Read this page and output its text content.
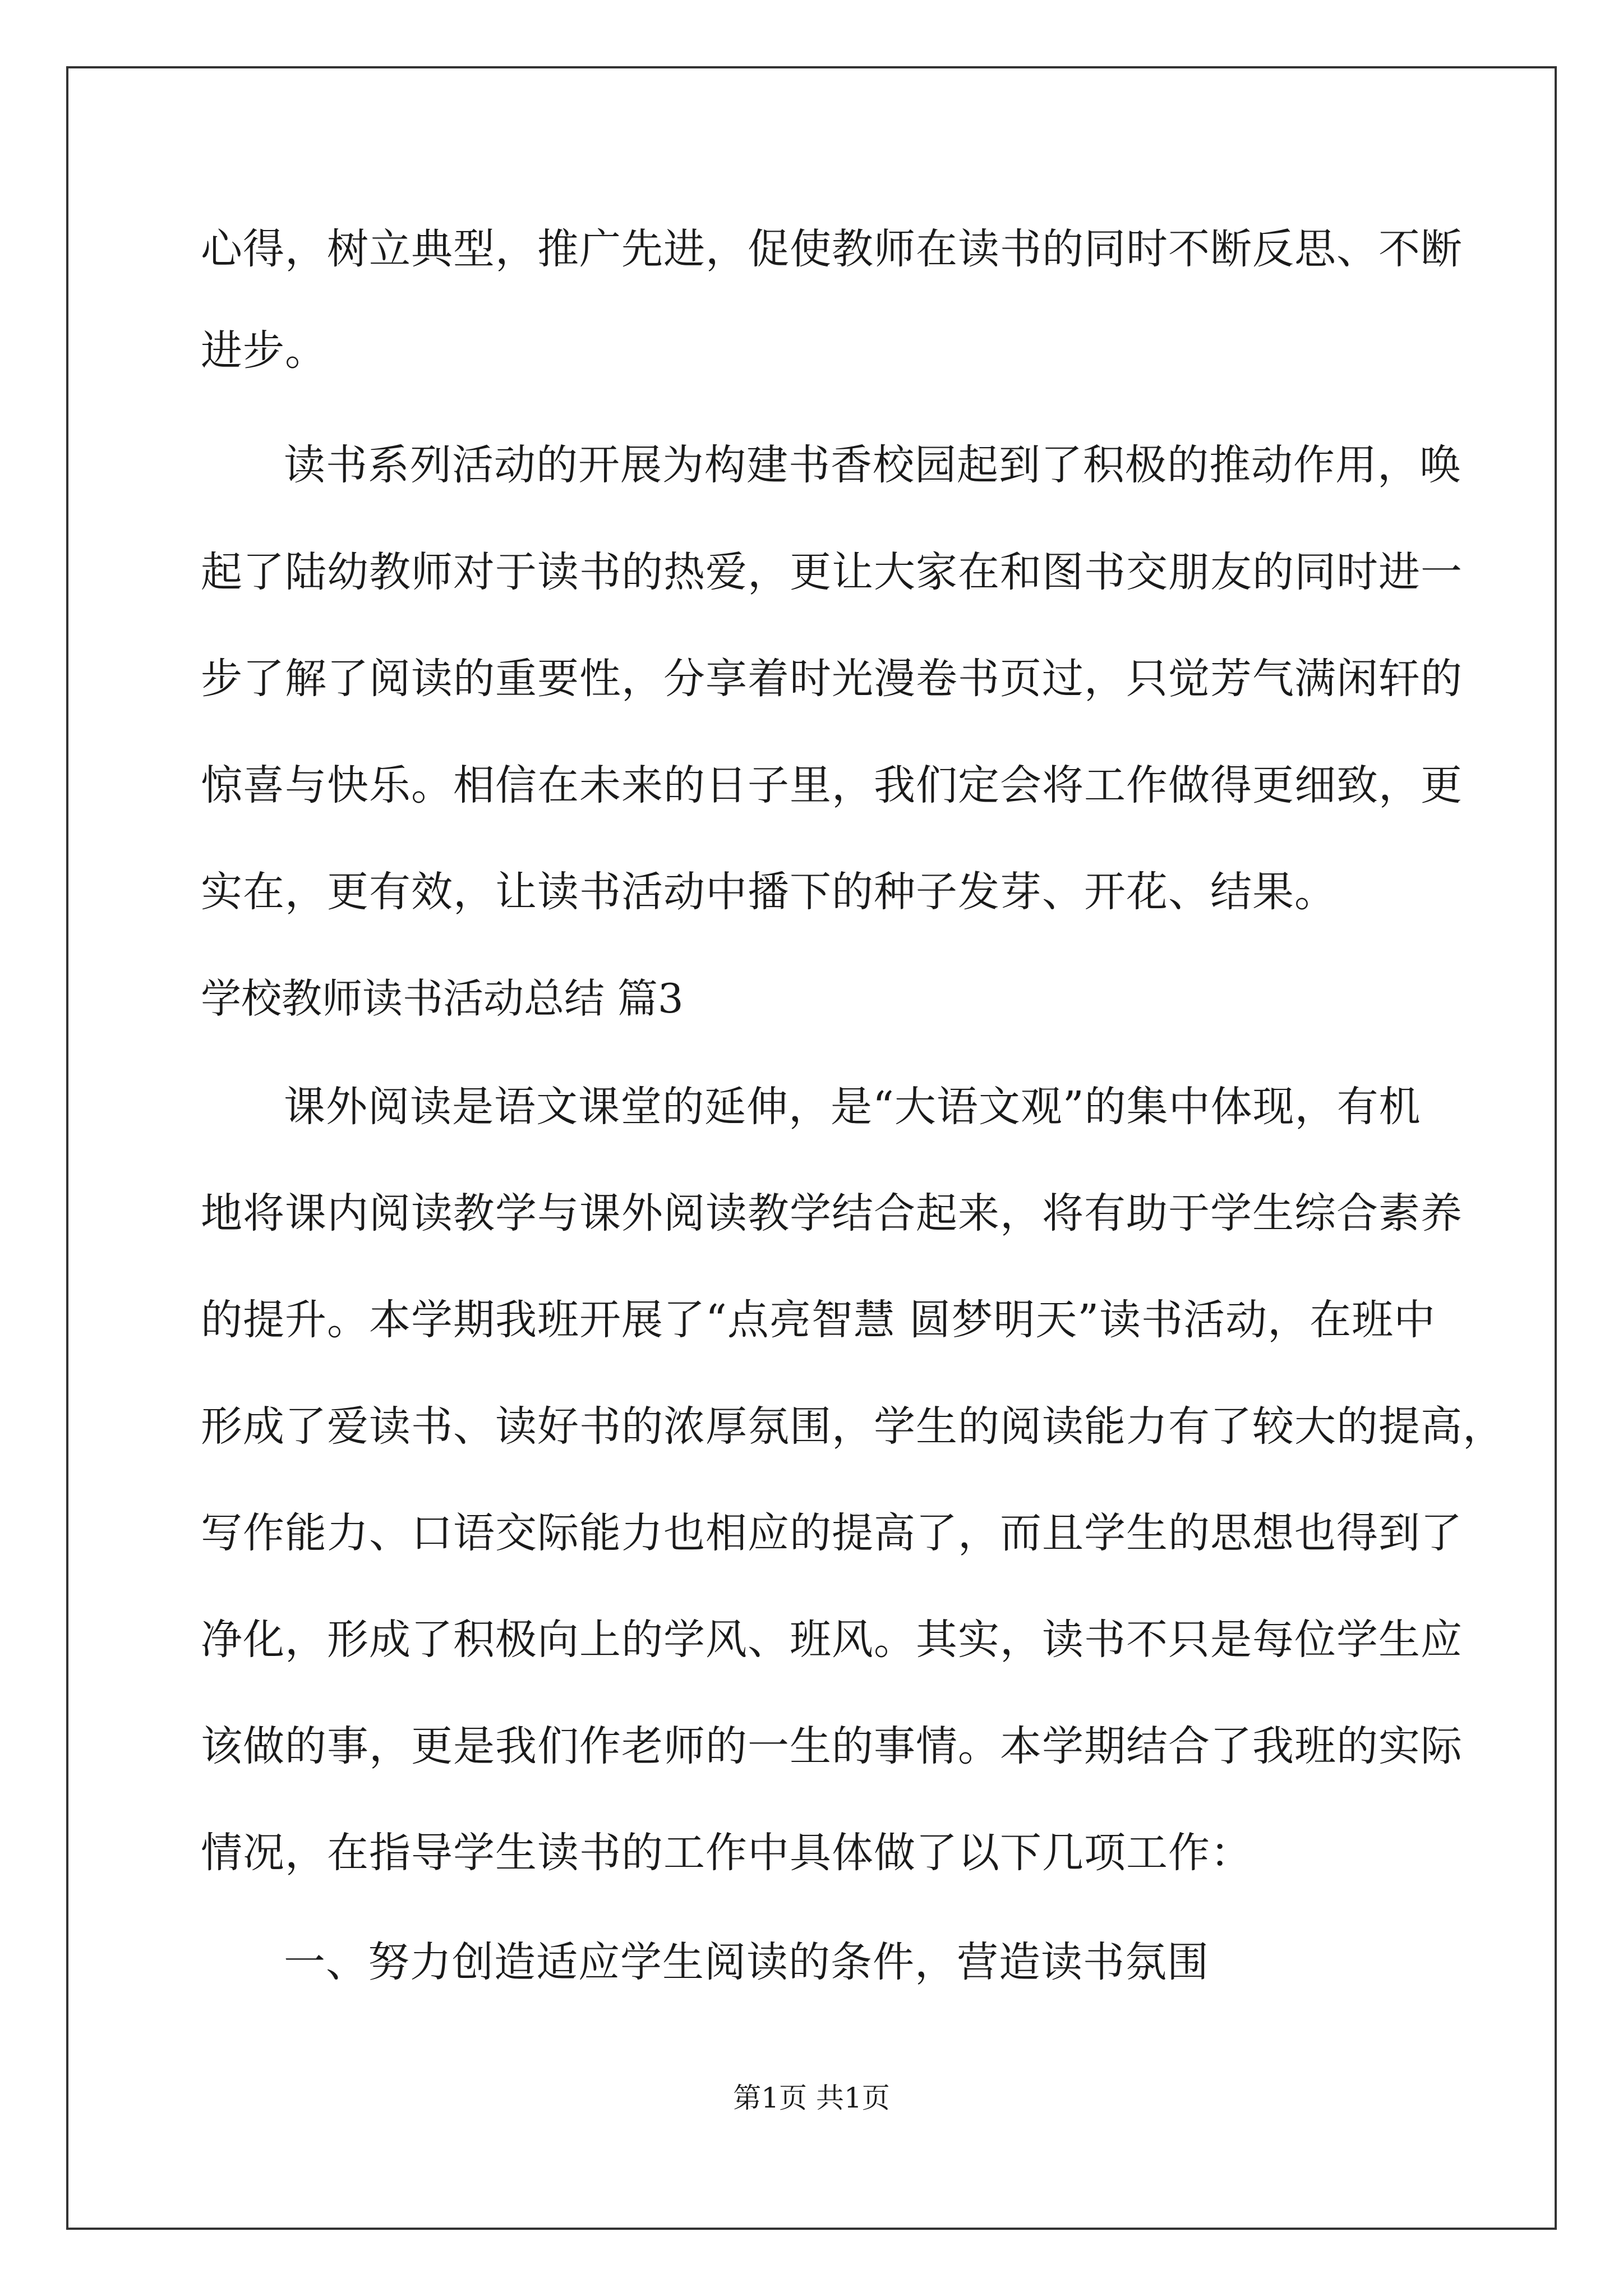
心得，树立典型，推广先进，促使教师在读书的同时不断反思、不断
进步。
读书系列活动的开展为构建书香校园起到了积极的推动作用，唤
起了陆幼教师对于读书的热爱，更让大家在和图书交朋友的同时进一
步了解了阅读的重要性，分享着时光漫卷书页过，只觉芳气满闲轩的
惊喜与快乐。相信在未来的日子里，我们定会将工作做得更细致，更
实在，更有效，让读书活动中播下的种子发芽、开花、结果。
学校教师读书活动总结 篇3
课外阅读是语文课堂的延伸，是“大语文观”的集中体现，有机
地将课内阅读教学与课外阅读教学结合起来，将有助于学生综合素养
的提升。本学期我班开展了“点亮智慧 圆梦明天”读书活动，在班中
形成了爱读书、读好书的浓厚氛围，学生的阅读能力有了较大的提高，
写作能力、口语交际能力也相应的提高了，而且学生的思想也得到了
净化，形成了积极向上的学风、班风。其实，读书不只是每位学生应
该做的事，更是我们作老师的一生的事情。本学期结合了我班的实际
情况，在指导学生读书的工作中具体做了以下几项工作：
一、努力创造适应学生阅读的条件，营造读书氛围
第1页 共1页
